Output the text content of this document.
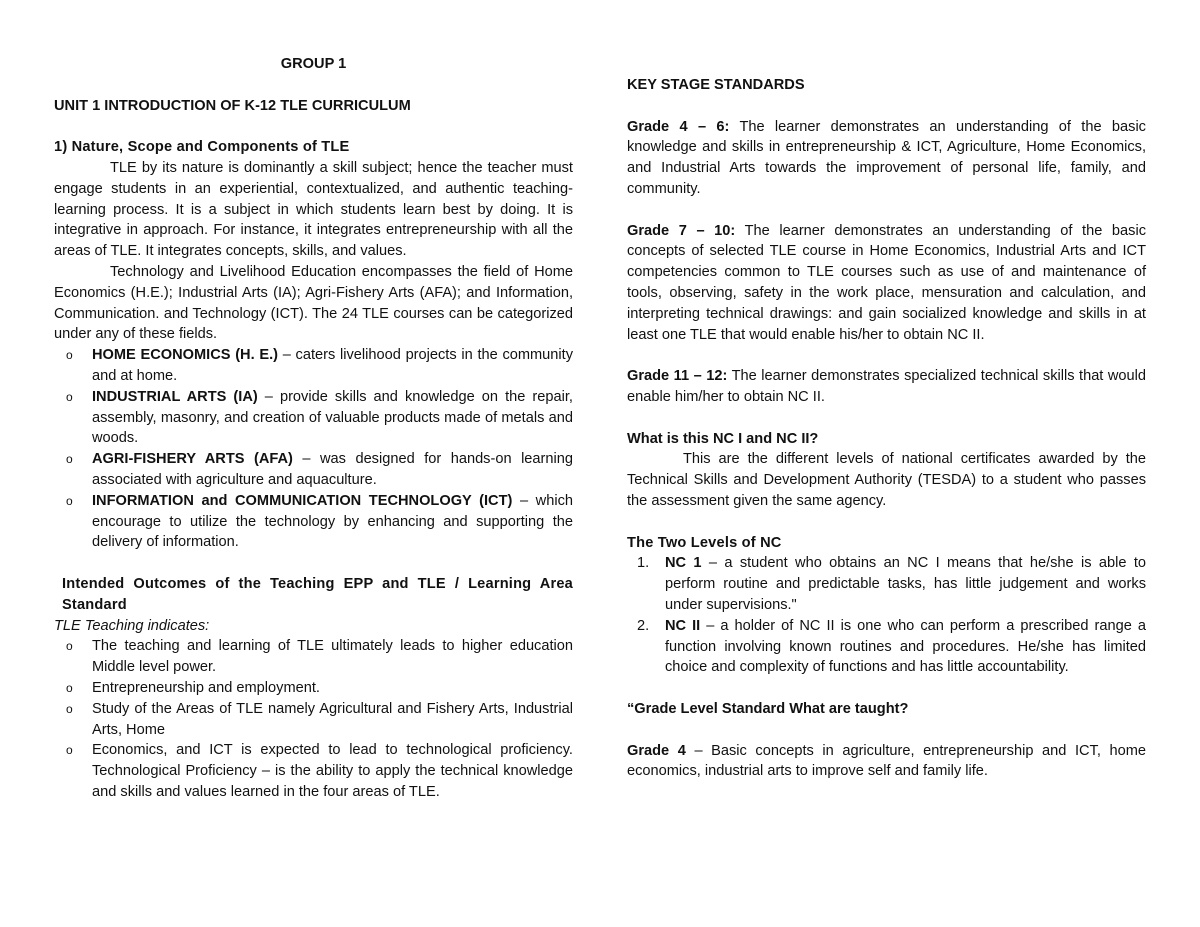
GROUP 1

UNIT 1 INTRODUCTION OF K-12 TLE CURRICULUM

1) Nature, Scope and Components of TLE

TLE by its nature is dominantly a skill subject; hence the teacher must engage students in an experiential, contextualized, and authentic teaching-learning process. It is a subject in which students learn best by doing. It is integrative in approach. For instance, it integrates entrepreneurship with all the areas of TLE. It integrates concepts, skills, and values.

Technology and Livelihood Education encompasses the field of Home Economics (H.E.); Industrial Arts (IA); Agri-Fishery Arts (AFA); and Information, Communication. and Technology (ICT). The 24 TLE courses can be categorized under any of these fields.

o HOME ECONOMICS (H. E.) – caters livelihood projects in the community and at home.
o INDUSTRIAL ARTS (IA) – provide skills and knowledge on the repair, assembly, masonry, and creation of valuable products made of metals and woods.
o AGRI-FISHERY ARTS (AFA) – was designed for hands-on learning associated with agriculture and aquaculture.
o INFORMATION and COMMUNICATION TECHNOLOGY (ICT) – which encourage to utilize the technology by enhancing and supporting the delivery of information.

Intended Outcomes of the Teaching EPP and TLE / Learning Area Standard

TLE Teaching indicates:

o The teaching and learning of TLE ultimately leads to higher education Middle level power.
o Entrepreneurship and employment.
o Study of the Areas of TLE namely Agricultural and Fishery Arts, Industrial Arts, Home
o Economics, and ICT is expected to lead to technological proficiency. Technological Proficiency – is the ability to apply the technical knowledge and skills and values learned in the four areas of TLE.

KEY STAGE STANDARDS

Grade 4 – 6: The learner demonstrates an understanding of the basic knowledge and skills in entrepreneurship & ICT, Agriculture, Home Economics, and Industrial Arts towards the improvement of personal life, family, and community.

Grade 7 – 10: The learner demonstrates an understanding of the basic concepts of selected TLE course in Home Economics, Industrial Arts and ICT competencies common to TLE courses such as use of and maintenance of tools, observing, safety in the work place, mensuration and calculation, and interpreting technical drawings: and gain socialized knowledge and skills in at least one TLE that would enable his/her to obtain NC II.

Grade 11 – 12: The learner demonstrates specialized technical skills that would enable him/her to obtain NC II.

What is this NC I and NC II?

This are the different levels of national certificates awarded by the Technical Skills and Development Authority (TESDA) to a student who passes the assessment given the same agency.

The Two Levels of NC

1. NC 1 – a student who obtains an NC I means that he/she is able to perform routine and predictable tasks, has little judgement and works under supervisions."
2. NC II – a holder of NC II is one who can perform a prescribed range a function involving known routines and procedures. He/she has limited choice and complexity of functions and has little accountability.

“Grade Level Standard What are taught?

Grade 4 – Basic concepts in agriculture, entrepreneurship and ICT, home economics, industrial arts to improve self and family life.
